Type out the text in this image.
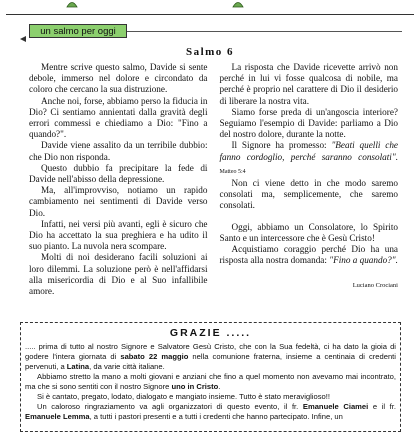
un salmo per oggi
Salmo 6

Mentre scrive questo salmo, Davide si sente debole, immerso nel dolore e circondato da coloro che cercano la sua distruzione.

Anche noi, forse, abbiamo perso la fiducia in Dio? Ci sentiamo annientati dalla gravità degli errori commessi e chiediamo a Dio: "Fino a quando?".

Davide viene assalito da un terribile dubbio: che Dio non risponda.

Questo dubbio fa precipitare la fede di Davide nell'abisso della depressione.

Ma, all'improvviso, notiamo un rapido cambiamento nei sentimenti di Davide verso Dio.

Infatti, nei versi più avanti, egli è sicuro che Dio ha accettato la sua preghiera e ha udito il suo pianto. La nuvola nera scompare.

Molti di noi desiderano facili soluzioni ai loro dilemmi. La soluzione però è nell'affidarsi alla misericordia di Dio e al Suo infallibile amore.

La risposta che Davide ricevette arrivò non perché in lui vi fosse qualcosa di nobile, ma perché è proprio nel carattere di Dio il desiderio di liberare la nostra vita.

Siamo forse preda di un'angoscia interiore? Seguiamo l'esempio di Davide: parliamo a Dio del nostro dolore, durante la notte.

Il Signore ha promesso: "Beati quelli che fanno cordoglio, perché saranno consolati". Matteo 5:4

Non ci viene detto in che modo saremo consolati ma, semplicemente, che saremo consolati.

Oggi, abbiamo un Consolatore, lo Spirito Santo e un intercessore che è Gesù Cristo!

Acquistiamo coraggio perché Dio ha una risposta alla nostra domanda: "Fino a quando?".

Luciano Crociani
GRAZIE .....

..... prima di tutto al nostro Signore e Salvatore Gesù Cristo, che con la Sua fedeltà, ci ha dato la gioia di godere l'intera giornata di sabato 22 maggio nella comunione fraterna, insieme a centinaia di credenti pervenuti, a Latina, da varie città italiane.

Abbiamo stretto la mano a molti giovani e anziani che fino a quel momento non avevamo mai incontrato, ma che si sono sentiti con il nostro Signore uno in Cristo.

Si è cantato, pregato, lodato, dialogato e mangiato insieme. Tutto è stato meraviglioso!!

Un caloroso ringraziamento va agli organizzatori di questo evento, il fr. Emanuele Ciamei e il fr. Emanuele Lemma, a tutti i pastori presenti e a tutti i credenti che hanno partecipato. Infine, un
